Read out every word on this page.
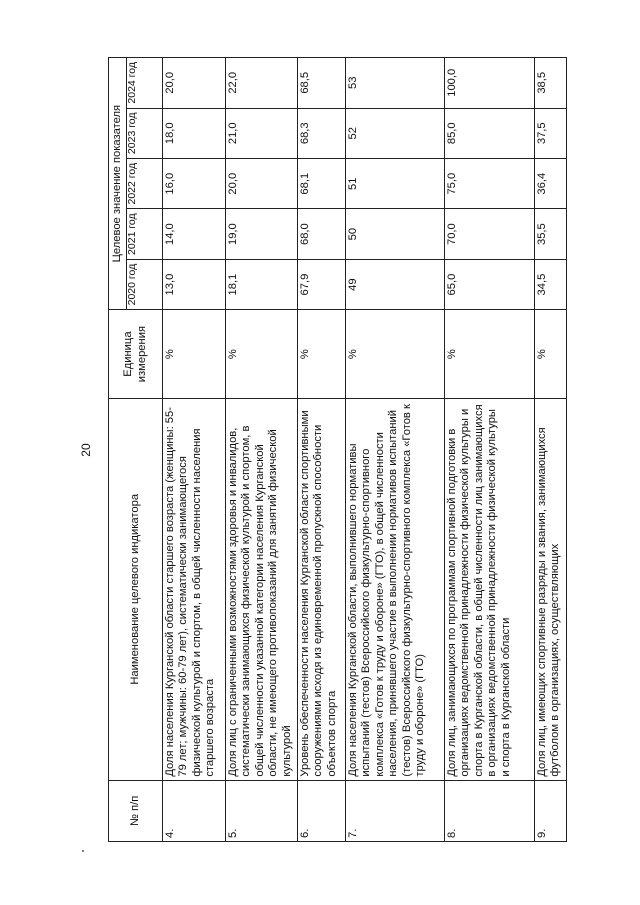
20
№ п/п	Наименование целевого индикатора	Единица измерения	Целевое значение показателя				
			2020 год	2021 год	2022 год	2023 год	2024 год
4.	Доля населения Курганской области старшего возраста (женщины: 55-79 лет; мужчины: 60-79 лет), систематически занимающегося физической культурой и спортом, в общей численности населения старшего возраста	%	13,0	14,0	16,0	18,0	20,0
5.	Доля лиц с ограниченными возможностями здоровья и инвалидов, систематически занимающихся физической культурой и спортом, в общей численности указанной категории населения Курганской области, не имеющего противопоказаний для занятий физической культурой	%	18,1	19,0	20,0	21,0	22,0
6.	Уровень обеспеченности населения Курганской области спортивными сооружениями исходя из единовременной пропускной способности объектов спорта	%	67,9	68,0	68,1	68,3	68,5
7.	Доля населения Курганской области, выполнившего нормативы испытаний (тестов) Всероссийского физкультурно-спортивного комплекса «Готов к труду и обороне» (ГТО), в общей численности населения, принявшего участие в выполнении нормативов испытаний (тестов) Всероссийского физкультурно-спортивного комплекса «Готов к труду и обороне» (ГТО)	%	49	50	51	52	53
8.	Доля лиц, занимающихся по программам спортивной подготовки в организациях ведомственной принадлежности физической культуры и спорта в Курганской области, в общей численности лиц занимающихся в организациях ведомственной принадлежности физической культуры и спорта в Курганской области	%	65,0	70,0	75,0	85,0	100,0
9.	Доля лиц, имеющих спортивные разряды и звания, занимающихся футболом в организациях, осуществляющих	%	34,5	35,5	36,4	37,5	38,5
